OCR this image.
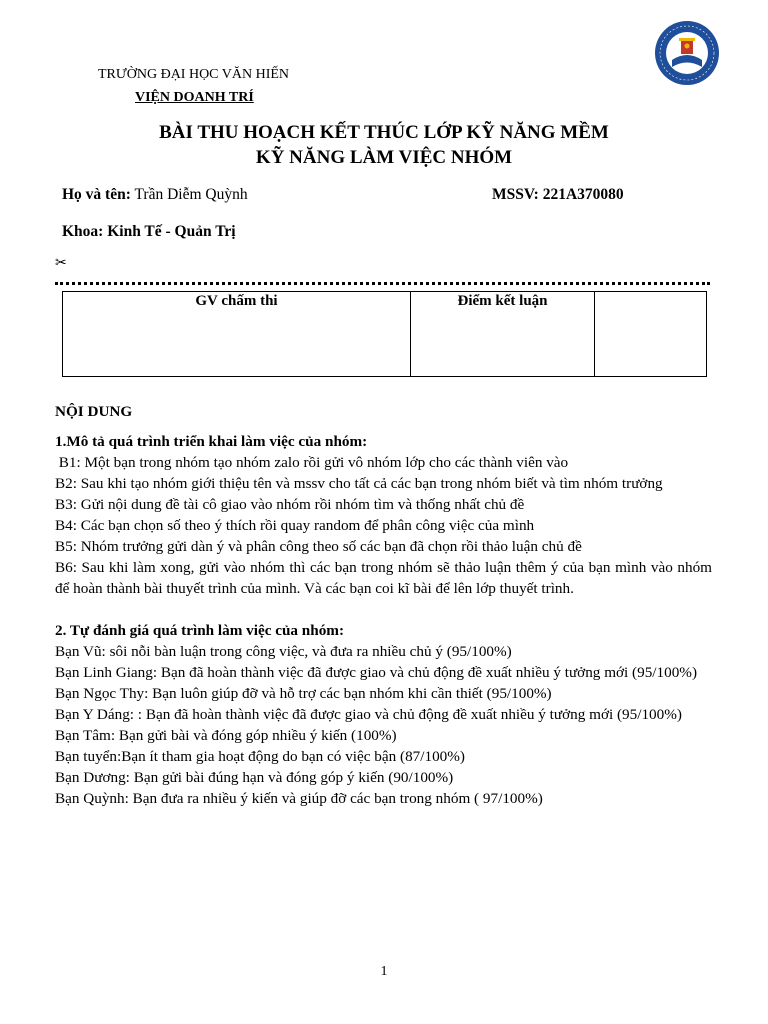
TRƯỜNG ĐẠI HỌC VĂN HIẾN
VIỆN DOANH TRÍ
BÀI THU HOẠCH KẾT THÚC LỚP KỸ NĂNG MỀM
KỸ NĂNG LÀM VIỆC NHÓM
Họ và tên: Trần Diễm Quỳnh	MSSV: 221A370080
Khoa: Kinh Tế - Quản Trị
✂
GV chấm thi	Điểm kết luận	

NỘI DUNG

1.Mô tả quá trình triển khai làm việc của nhóm:

B1: Một bạn trong nhóm tạo nhóm zalo rồi gửi vô nhóm lớp cho các thành viên vào

B2: Sau khi tạo nhóm giới thiệu tên và mssv cho tất cả các bạn trong nhóm biết và tìm nhóm trưởng

B3: Gửi nội dung đề tài cô giao vào nhóm rồi nhóm tìm và thống nhất chủ đề

B4: Các bạn chọn số theo ý thích rồi quay random để phân công việc của mình

B5: Nhóm trưởng gửi dàn ý và phân công theo số các bạn đã chọn rồi thảo luận chủ đề

B6: Sau khi làm xong, gửi vào nhóm thì các bạn trong nhóm sẽ thảo luận thêm ý của bạn mình vào nhóm để hoàn thành bài thuyết trình của mình. Và các bạn coi kĩ bài để lên lớp thuyết trình.

2. Tự đánh giá quá trình làm việc của nhóm:

Bạn Vũ: sôi nỗi bàn luận trong công việc, và đưa ra nhiều chủ ý (95/100%)

Bạn Linh Giang: Bạn đã hoàn thành việc đã được giao và chủ động đề xuất nhiều ý tưởng mới (95/100%)

Bạn Ngọc Thy: Bạn luôn giúp đỡ và hỗ trợ các bạn nhóm khi cần thiết (95/100%)

Bạn Y Dáng: : Bạn đã hoàn thành việc đã được giao và chủ động đề xuất nhiều ý tưởng mới (95/100%)

Bạn Tâm: Bạn gửi bài và đóng góp nhiều ý kiến (100%)

Bạn tuyển:Bạn ít tham gia hoạt động do bạn có việc bận (87/100%)

Bạn Dương: Bạn gửi bài đúng hạn và đóng góp ý kiến (90/100%)

Bạn Quỳnh: Bạn đưa ra nhiều ý kiến và giúp đỡ các bạn trong nhóm ( 97/100%)

1
